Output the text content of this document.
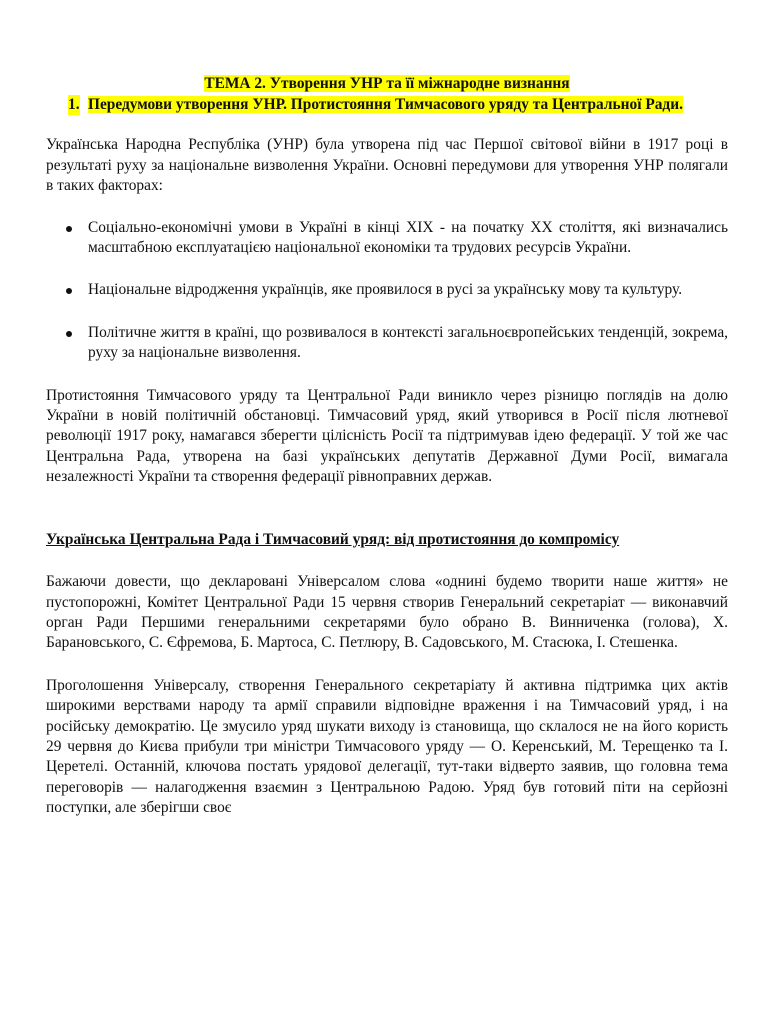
ТЕМА 2. Утворення УНР та її міжнародне визнання

1. Передумови утворення УНР. Протистояння Тимчасового уряду та Центральної Ради.

Українська Народна Республіка (УНР) була утворена під час Першої світової війни в 1917 році в результаті руху за національне визволення України. Основні передумови для утворення УНР полягали в таких факторах:

Соціально-економічні умови в Україні в кінці XIX - на початку XX століття, які визначались масштабною експлуатацією національної економіки та трудових ресурсів України.
Національне відродження українців, яке проявилося в русі за українську мову та культуру.
Політичне життя в країні, що розвивалося в контексті загальноєвропейських тенденцій, зокрема, руху за національне визволення.

Протистояння Тимчасового уряду та Центральної Ради виникло через різницю поглядів на долю України в новій політичній обстановці. Тимчасовий уряд, який утворився в Росії після лютневої революції 1917 року, намагався зберегти цілісність Росії та підтримував ідею федерації. У той же час Центральна Рада, утворена на базі українських депутатів Державної Думи Росії, вимагала незалежності України та створення федерації рівноправних держав.

Українська Центральна Рада і Тимчасовий уряд: від протистояння до компромісу

Бажаючи довести, що декларовані Універсалом слова «однині будемо творити наше життя» не пустопорожні, Комітет Центральної Ради 15 червня створив Генеральний секретаріат — виконавчий орган Ради Першими генеральними секретарями було обрано В. Винниченка (голова), Х. Барановського, С. Єфремова, Б. Мартоса, С. Петлюру, В. Садовського, М. Стасюка, І. Стешенка.

Проголошення Універсалу, створення Генерального секретаріату й активна підтримка цих актів широкими верствами народу та армії справили відповідне враження і на Тимчасовий уряд, і на російську демократію. Це змусило уряд шукати виходу із становища, що склалося не на його користь 29 червня до Києва прибули три міністри Тимчасового уряду — О. Керенський, М. Терещенко та І. Церетелі. Останній, ключова постать урядової делегації, тут-таки відверто заявив, що головна тема переговорів — налагодження взаємин з Центральною Радою. Уряд був готовий піти на серйозні поступки, але зберігши своє
